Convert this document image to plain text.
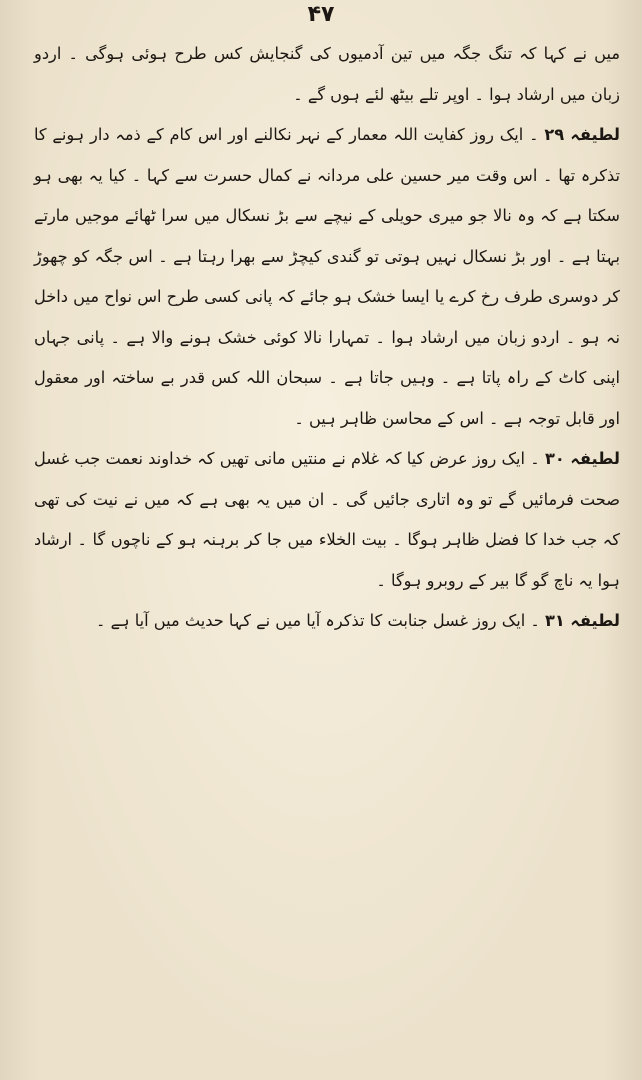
۴۷

میں نے کہا کہ تنگ جگہ میں تین آدمیوں کی گنجایش کس طرح ہوئی ہوگی ۔ اردو زبان میں ارشاد ہوا ۔ اوپر تلے بیٹھ لئے ہوں گے ۔

لطیفہ ۲۹ ۔ ایک روز کفایت اللہ معمار کے نہر نکالنے اور اس کام کے ذمہ دار ہونے کا تذکرہ تھا ۔ اس وقت میر حسین علی مردانہ نے کمال حسرت سے کہا ۔ کیا یہ بھی ہو سکتا ہے کہ وہ نالا جو میری حویلی کے نیچے سے بڑ نسکال میں سرا ٹھائے موجیں مارتے بہتا ہے ۔ اور بڑ نسکال نہیں ہوتی تو گندی کیچڑ سے بھرا رہتا ہے ۔ اس جگہ کو چھوڑ کر دوسری طرف رخ کرے یا ایسا خشک ہو جائے کہ پانی کسی طرح اس نواح میں داخل نہ ہو ۔ اردو زبان میں ارشاد ہوا ۔ تمہارا نالا کوئی خشک ہونے والا ہے ۔ پانی جہاں اپنی کاٹ کے راہ پاتا ہے ۔ وہیں جاتا ہے ۔ سبحان اللہ کس قدر بے ساختہ اور معقول اور قابل توجہ ہے ۔ اس کے محاسن ظاہر ہیں ۔

لطیفہ ۳۰ ۔ ایک روز عرض کیا کہ غلام نے منتیں مانی تھیں کہ خداوند نعمت جب غسل صحت فرمائیں گے تو وہ اتاری جائیں گی ۔ ان میں یہ بھی ہے کہ میں نے نیت کی تھی کہ جب خدا کا فضل ظاہر ہوگا ۔ بیت الخلاء میں جا کر برہنہ ہو کے ناچوں گا ۔ ارشاد ہوا یہ ناچ گو گا بیر کے روبرو ہوگا ۔

لطیفہ ۳۱ ۔ ایک روز غسل جنابت کا تذکرہ آیا میں نے کہا حدیث میں آیا ہے ۔
